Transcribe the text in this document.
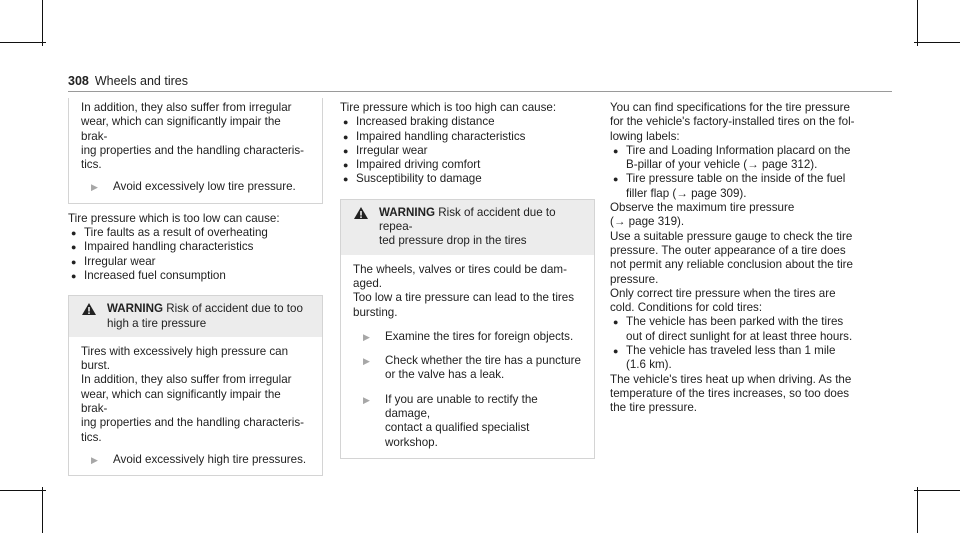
308 Wheels and tires

In addition, they also suffer from irregular

wear, which can significantly impair the brak‐

ing properties and the handling characteris‐

tics.

▶	Avoid excessively low tire pressure.

Tire pressure which is too low can cause:

● Tire faults as a result of overheating
● Impaired handling characteristics
● Irregular wear
● Increased fuel consumption
WARNING Risk of accident due to too
high a tire pressure

Tires with excessively high pressure can

burst.

In addition, they also suffer from irregular

wear, which can significantly impair the brak‐

ing properties and the handling characteris‐

tics.

▶	Avoid excessively high tire pressures.

Tire pressure which is too high can cause:

● Increased braking distance
● Impaired handling characteristics
● Irregular wear
● Impaired driving comfort
● Susceptibility to damage
WARNING Risk of accident due to repea‐
ted pressure drop in the tires

The wheels, valves or tires could be dam‐

aged.

Too low a tire pressure can lead to the tires

bursting.

▶	Examine the tires for foreign objects.
▶	Check whether the tire has a puncture
or the valve has a leak.
▶	If you are unable to rectify the damage,
contact a qualified specialist workshop.

You can find specifications for the tire pressure

for the vehicle's factory-installed tires on the fol‐

lowing labels:

● Tire and Loading Information placard on the
B-pillar of your vehicle (→ page 312).
● Tire pressure table on the inside of the fuel
filler flap (→ page 309).

Observe the maximum tire pressure

(→ page 319).

Use a suitable pressure gauge to check the tire

pressure. The outer appearance of a tire does

not permit any reliable conclusion about the tire

pressure.

Only correct tire pressure when the tires are

cold. Conditions for cold tires:

● The vehicle has been parked with the tires
out of direct sunlight for at least three hours.
● The vehicle has traveled less than 1 mile
(1.6 km).

The vehicle's tires heat up when driving. As the

temperature of the tires increases, so too does

the tire pressure.
